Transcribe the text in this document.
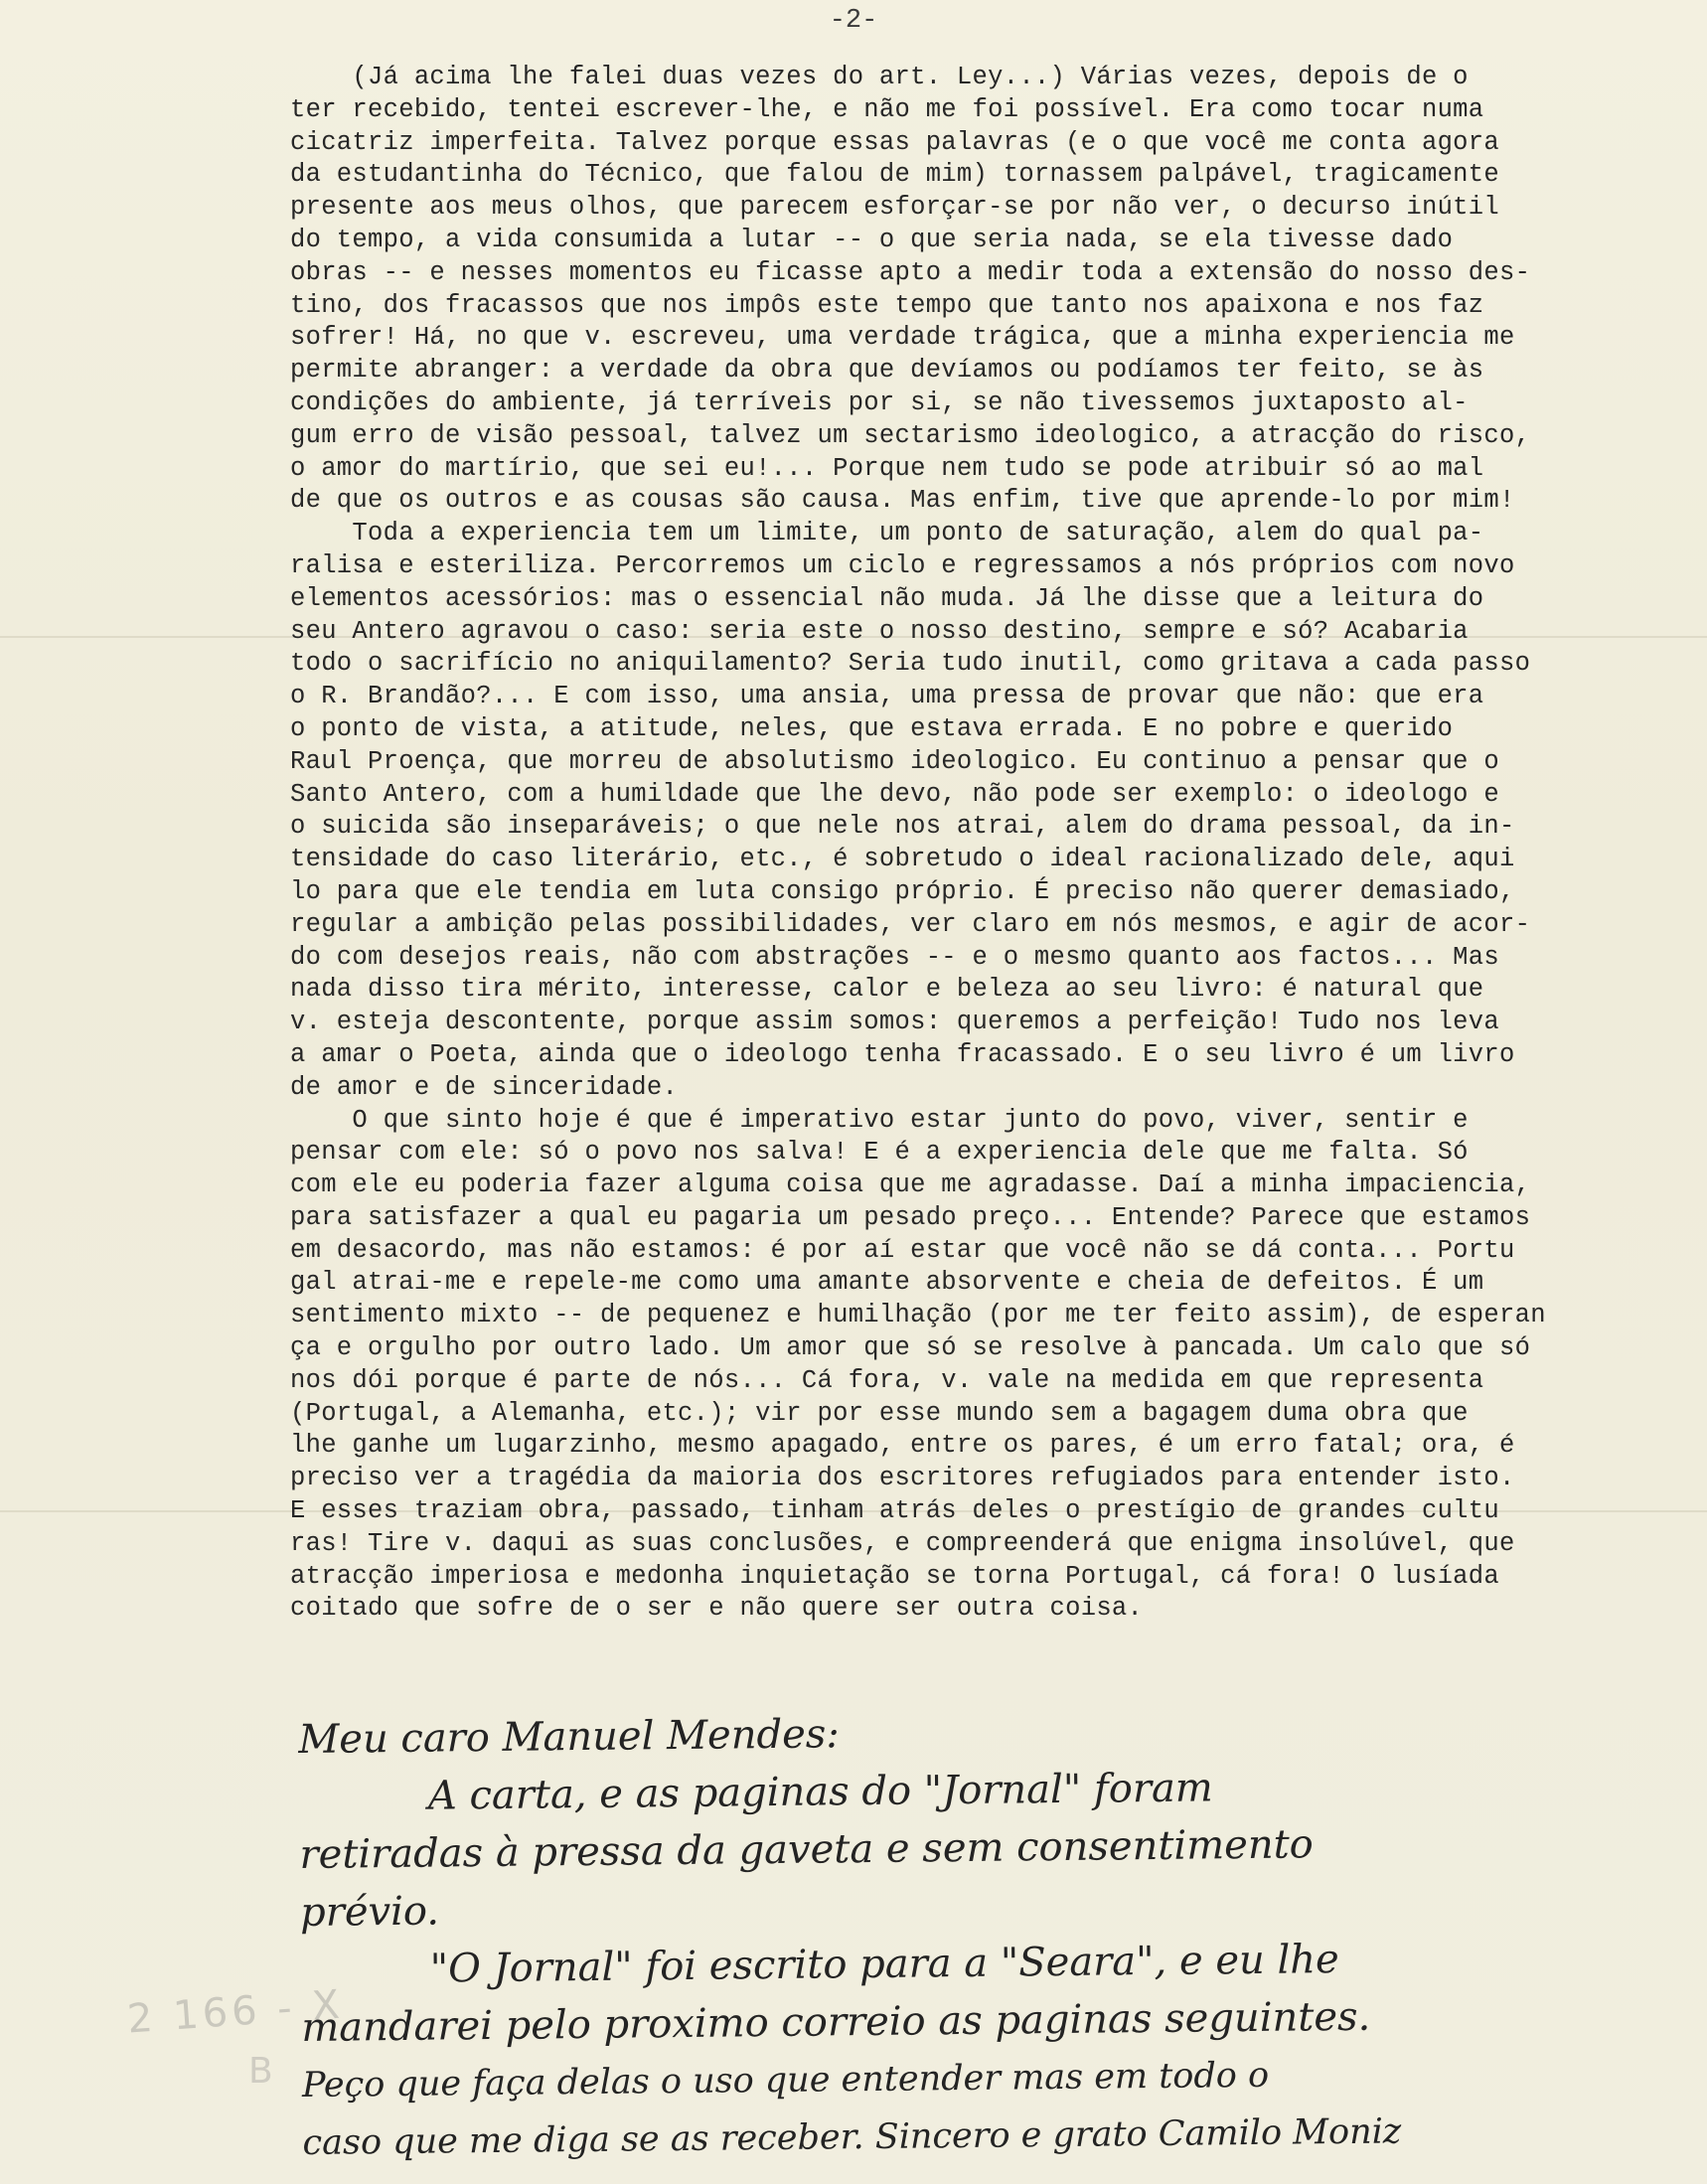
-2-
(Já acima lhe falei duas vezes do art. Ley...) Várias vezes, depois de o
ter recebido, tentei escrever-lhe, e não me foi possível. Era como tocar numa
cicatriz imperfeita. Talvez porque essas palavras (e o que você me conta agora
da estudantinha do Técnico, que falou de mim) tornassem palpável, tragicamente
presente aos meus olhos, que parecem esforçar-se por não ver, o decurso inútil
do tempo, a vida consumida a lutar -- o que seria nada, se ela tivesse dado
obras -- e nesses momentos eu ficasse apto a medir toda a extensão do nosso des-
tino, dos fracassos que nos impôs este tempo que tanto nos apaixona e nos faz
sofrer! Há, no que v. escreveu, uma verdade trágica, que a minha experiencia me
permite abranger: a verdade da obra que devíamos ou podíamos ter feito, se às
condições do ambiente, já terríveis por si, se não tivessemos juxtaposto al-
gum erro de visão pessoal, talvez um sectarismo ideologico, a atracção do risco,
o amor do martírio, que sei eu!... Porque nem tudo se pode atribuir só ao mal
de que os outros e as cousas são causa. Mas enfim, tive que aprende-lo por mim!
Toda a experiencia tem um limite, um ponto de saturação, alem do qual pa-
ralisa e esteriliza. Percorremos um ciclo e regressamos a nós próprios com novo
elementos acessórios: mas o essencial não muda. Já lhe disse que a leitura do
seu Antero agravou o caso: seria este o nosso destino, sempre e só? Acabaria
todo o sacrifício no aniquilamento? Seria tudo inutil, como gritava a cada passo
o R. Brandão?... E com isso, uma ansia, uma pressa de provar que não: que era
o ponto de vista, a atitude, neles, que estava errada. E no pobre e querido
Raul Proença, que morreu de absolutismo ideologico. Eu continuo a pensar que o
Santo Antero, com a humildade que lhe devo, não pode ser exemplo: o ideologo e
o suicida são inseparáveis; o que nele nos atrai, alem do drama pessoal, da in-
tensidade do caso literário, etc., é sobretudo o ideal racionalizado dele, aqui
lo para que ele tendia em luta consigo próprio. É preciso não querer demasiado,
regular a ambição pelas possibilidades, ver claro em nós mesmos, e agir de acor-
do com desejos reais, não com abstrações -- e o mesmo quanto aos factos... Mas
nada disso tira mérito, interesse, calor e beleza ao seu livro: é natural que
v. esteja descontente, porque assim somos: queremos a perfeição! Tudo nos leva
a amar o Poeta, ainda que o ideologo tenha fracassado. E o seu livro é um livro
de amor e de sinceridade.
O que sinto hoje é que é imperativo estar junto do povo, viver, sentir e
pensar com ele: só o povo nos salva! E é a experiencia dele que me falta. Só
com ele eu poderia fazer alguma coisa que me agradasse. Daí a minha impaciencia,
para satisfazer a qual eu pagaria um pesado preço... Entende? Parece que estamos
em desacordo, mas não estamos: é por aí estar que você não se dá conta... Portu
gal atrai-me e repele-me como uma amante absorvente e cheia de defeitos. É um
sentimento mixto -- de pequenez e humilhação (por me ter feito assim), de esperan
ça e orgulho por outro lado. Um amor que só se resolve à pancada. Um calo que só
nos dói porque é parte de nós... Cá fora, v. vale na medida em que representa
(Portugal, a Alemanha, etc.); vir por esse mundo sem a bagagem duma obra que
lhe ganhe um lugarzinho, mesmo apagado, entre os pares, é um erro fatal; ora, é
preciso ver a tragédia da maioria dos escritores refugiados para entender isto.
E esses traziam obra, passado, tinham atrás deles o prestígio de grandes cultu
ras! Tire v. daqui as suas conclusões, e compreenderá que enigma insolúvel, que
atracção imperiosa e medonha inquietação se torna Portugal, cá fora! O lusíada
coitado que sofre de o ser e não quere ser outra coisa.
2 166 - X
B
Meu caro Manuel Mendes:
A carta, e as paginas do "Jornal" foram
retiradas à pressa da gaveta e sem consentimento
prévio.
"O Jornal" foi escrito para a "Seara", e eu lhe
mandarei pelo proximo correio as paginas seguintes.
Peço que faça delas o uso que entender mas em todo o
caso que me diga se as receber. Sincero e grato Camilo Moniz
